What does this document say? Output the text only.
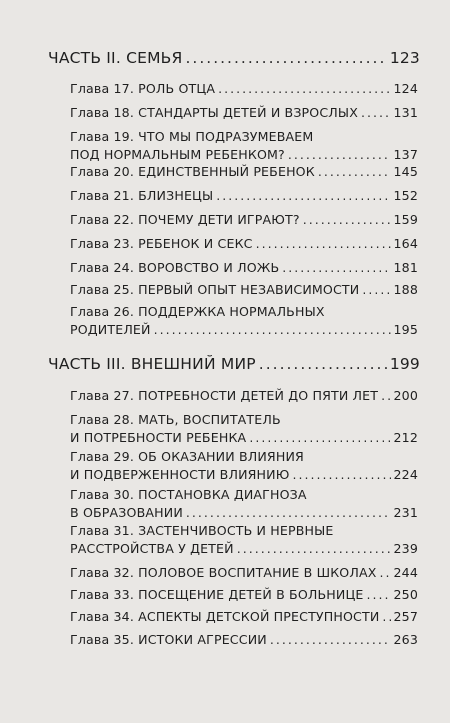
ЧАСТЬ II. СЕМЬЯ .....	123
Глава 17. РОЛЬ ОТЦА .....	124
Глава 18. СТАНДАРТЫ ДЕТЕЙ И ВЗРОСЛЫХ .....	131
Глава 19. ЧТО МЫ ПОДРАЗУМЕВАЕМ
ПОД НОРМАЛЬНЫМ РЕБЕНКОМ? .....	137
Глава 20. ЕДИНСТВЕННЫЙ РЕБЕНОК .....	145
Глава 21. БЛИЗНЕЦЫ .....	152
Глава 22. ПОЧЕМУ ДЕТИ ИГРАЮТ? .....	159
Глава 23. РЕБЕНОК И СЕКС .....	164
Глава 24. ВОРОВСТВО И ЛОЖЬ .....	181
Глава 25. ПЕРВЫЙ ОПЫТ НЕЗАВИСИМОСТИ .....	188
Глава 26. ПОДДЕРЖКА НОРМАЛЬНЫХ
РОДИТЕЛЕЙ .....	195
ЧАСТЬ III. ВНЕШНИЙ МИР .....	199
Глава 27. ПОТРЕБНОСТИ ДЕТЕЙ ДО ПЯТИ ЛЕТ ..... 200
Глава 28. МАТЬ, ВОСПИТАТЕЛЬ
И ПОТРЕБНОСТИ РЕБЕНКА .....	212
Глава 29. ОБ ОКАЗАНИИ ВЛИЯНИЯ
И ПОДВЕРЖЕННОСТИ ВЛИЯНИЮ .....	224
Глава 30. ПОСТАНОВКА ДИАГНОЗА
В ОБРАЗОВАНИИ .....	231
Глава 31. ЗАСТЕНЧИВОСТЬ И НЕРВНЫЕ
РАССТРОЙСТВА У ДЕТЕЙ .....	239
Глава 32. ПОЛОВОЕ ВОСПИТАНИЕ В ШКОЛАХ ..... 244
Глава 33. ПОСЕЩЕНИЕ ДЕТЕЙ В БОЛЬНИЦЕ ..... 250
Глава 34. АСПЕКТЫ ДЕТСКОЙ ПРЕСТУПНОСТИ ..... 257
Глава 35. ИСТОКИ АГРЕССИИ .....	263
